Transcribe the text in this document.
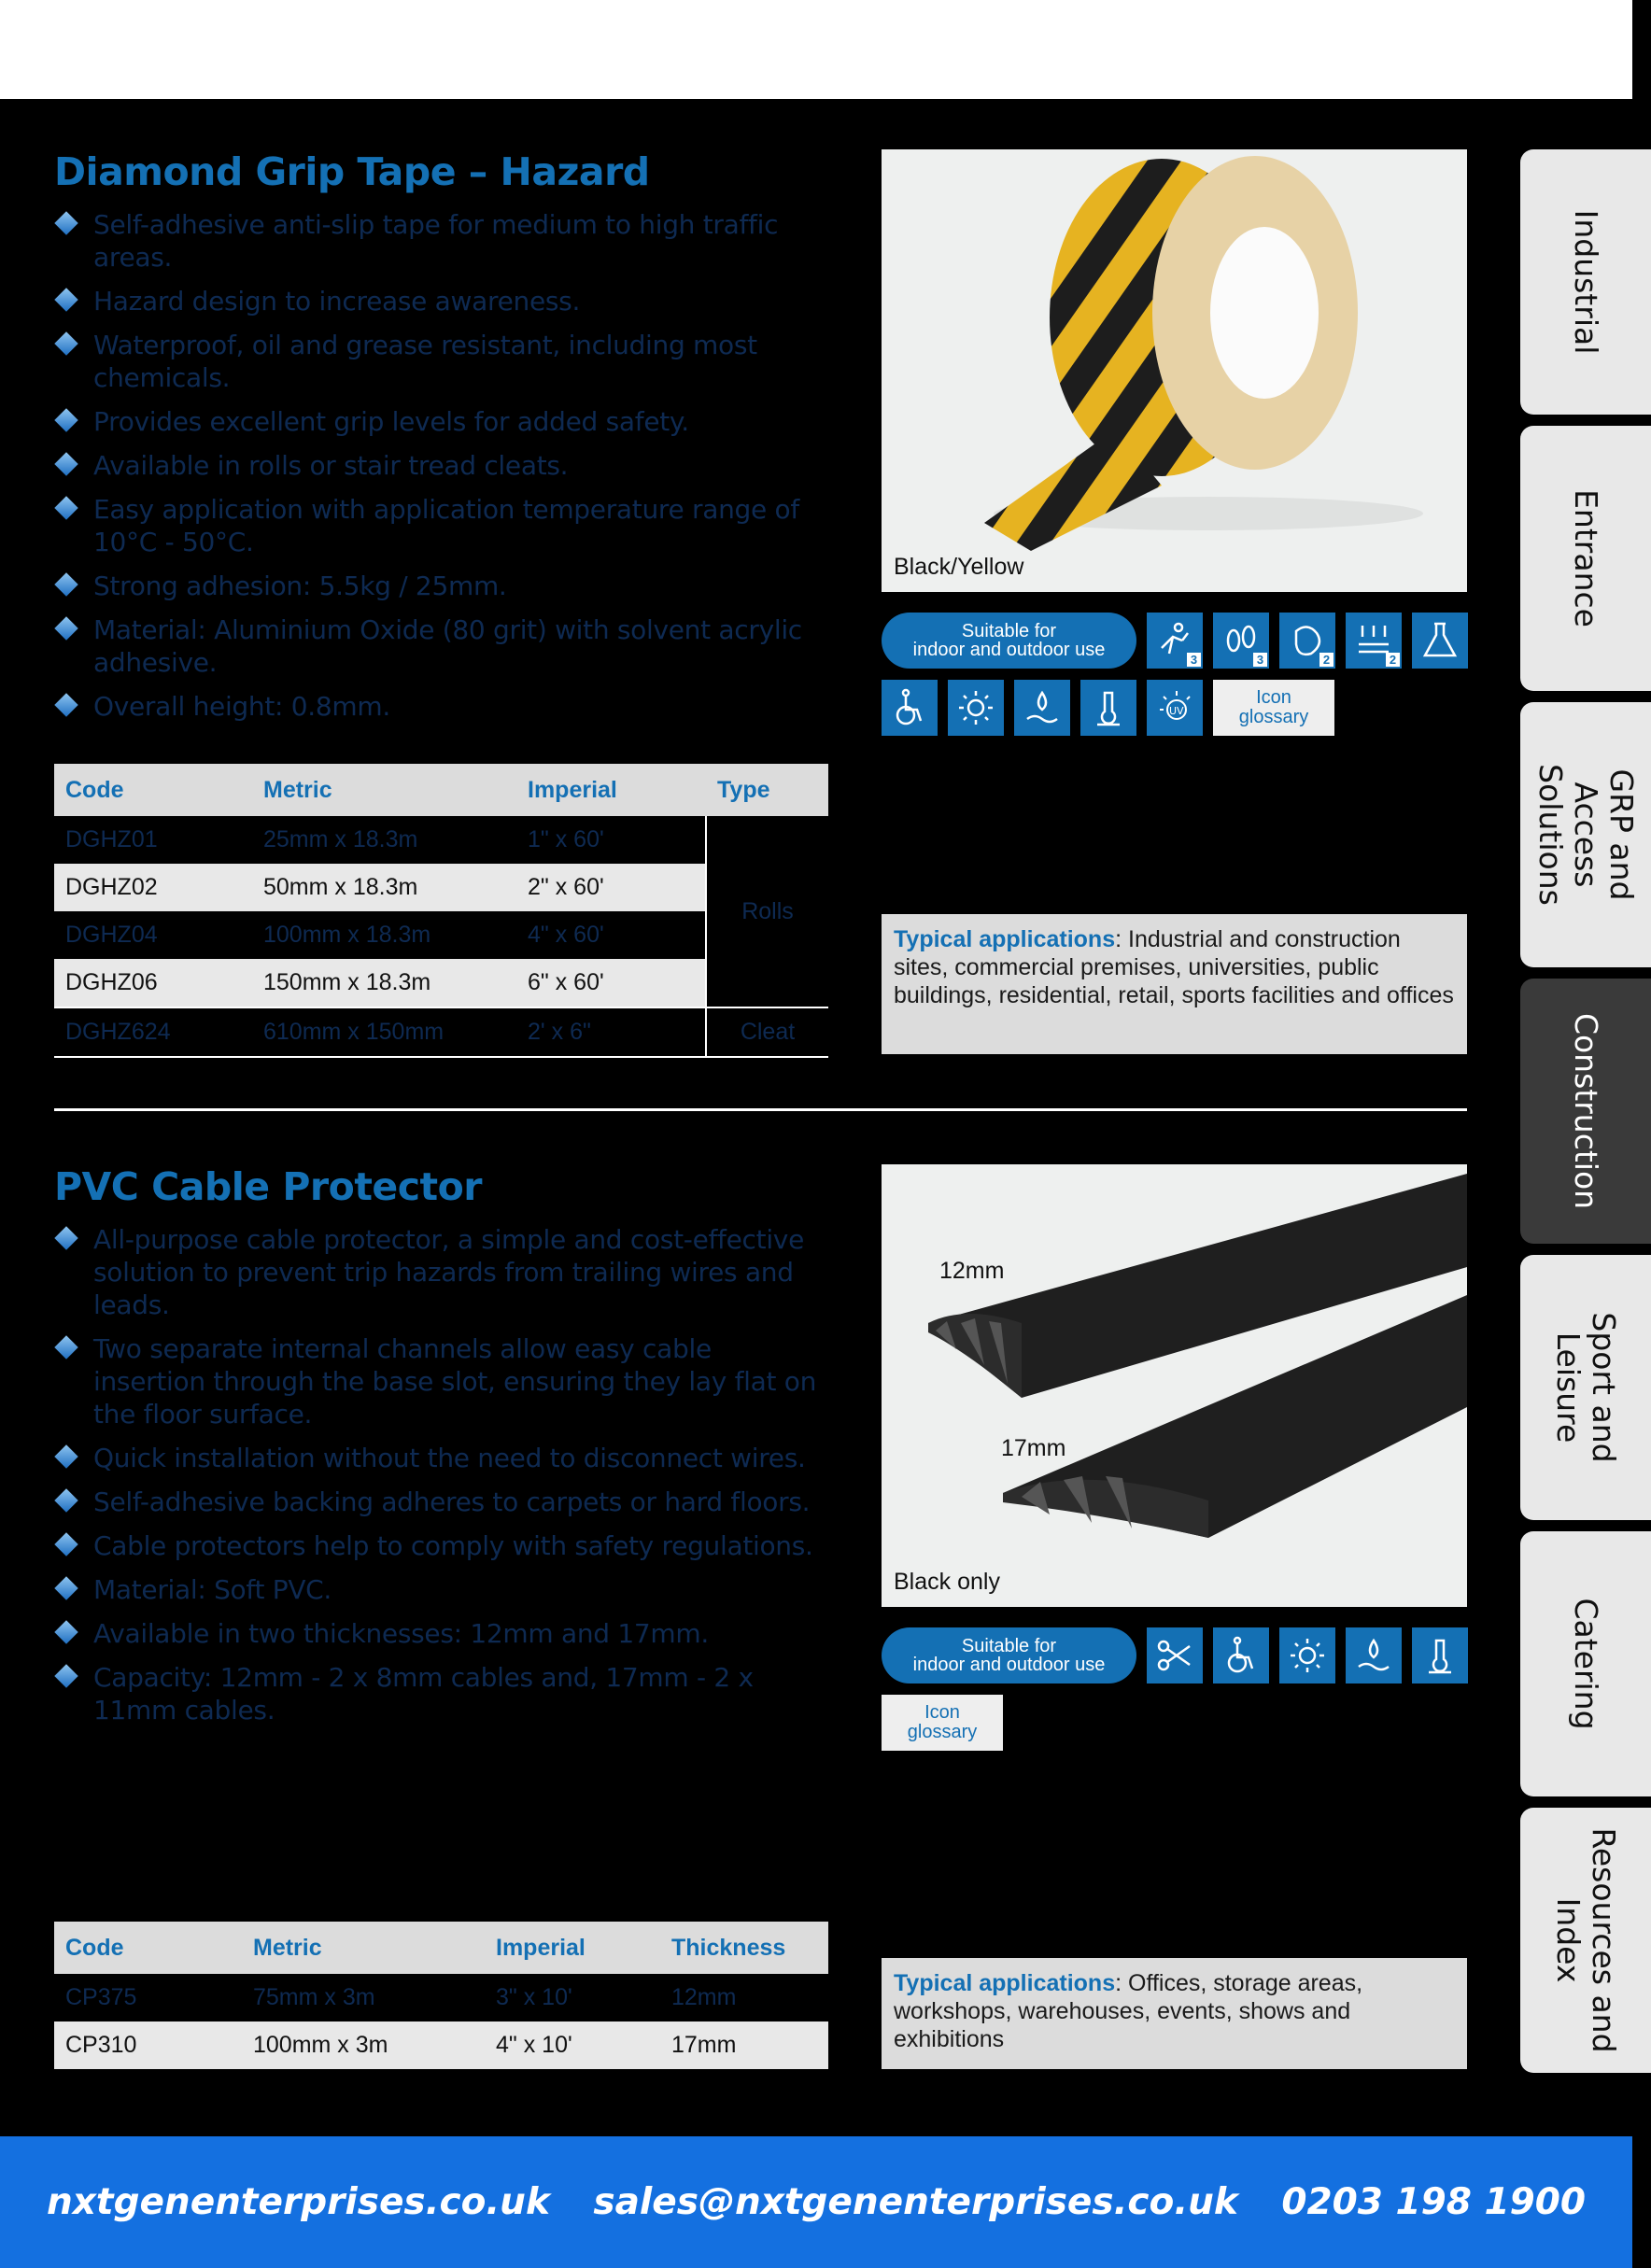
Diamond Grip Tape – Hazard
Self-adhesive anti-slip tape for medium to high traffic areas.
Hazard design to increase awareness.
Waterproof, oil and grease resistant, including most chemicals.
Provides excellent grip levels for added safety.
Available in rolls or stair tread cleats.
Easy application with application temperature range of 10°C - 50°C.
Strong adhesion: 5.5kg / 25mm.
Material: Aluminium Oxide (80 grit) with solvent acrylic adhesive.
Overall height: 0.8mm.
Black/Yellow
Suitable for
indoor and outdoor use	3	3	2	2
UV
Icon
glossary
Code	Metric	Imperial	Type
DGHZ01	25mm x 18.3m	1" x 60'	Rolls
DGHZ02	50mm x 18.3m	2" x 60'	
DGHZ04	100mm x 18.3m	4" x 60'	
DGHZ06	150mm x 18.3m	6" x 60'	
DGHZ624	610mm x 150mm	2' x 6"	Cleat
Typical applications: Industrial and construction sites, commercial premises, universities, public buildings, residential, retail, sports facilities and offices
PVC Cable Protector
All-purpose cable protector, a simple and cost-effective solution to prevent trip hazards from trailing wires and leads.
Two separate internal channels allow easy cable insertion through the base slot, ensuring they lay flat on the floor surface.
Quick installation without the need to disconnect wires.
Self-adhesive backing adheres to carpets or hard floors.
Cable protectors help to comply with safety regulations.
Material: Soft PVC.
Available in two thicknesses: 12mm and 17mm.
Capacity: 12mm - 2 x 8mm cables and, 17mm - 2 x 11mm cables.
12mm
17mm
Black only
Suitable for
indoor and outdoor use
Icon
glossary
Code	Metric	Imperial	Thickness
CP375	75mm x 3m	3" x 10'	12mm
CP310	100mm x 3m	4" x 10'	17mm
Typical applications: Offices, storage areas, workshops, warehouses, events, shows and exhibitions
Industrial
Entrance
GRP and Access Solutions
Construction
Sport and Leisure
Catering
Resources and Index
nxtgenenterprises.co.uk sales@nxtgenenterprises.co.uk 0203 198 1900
